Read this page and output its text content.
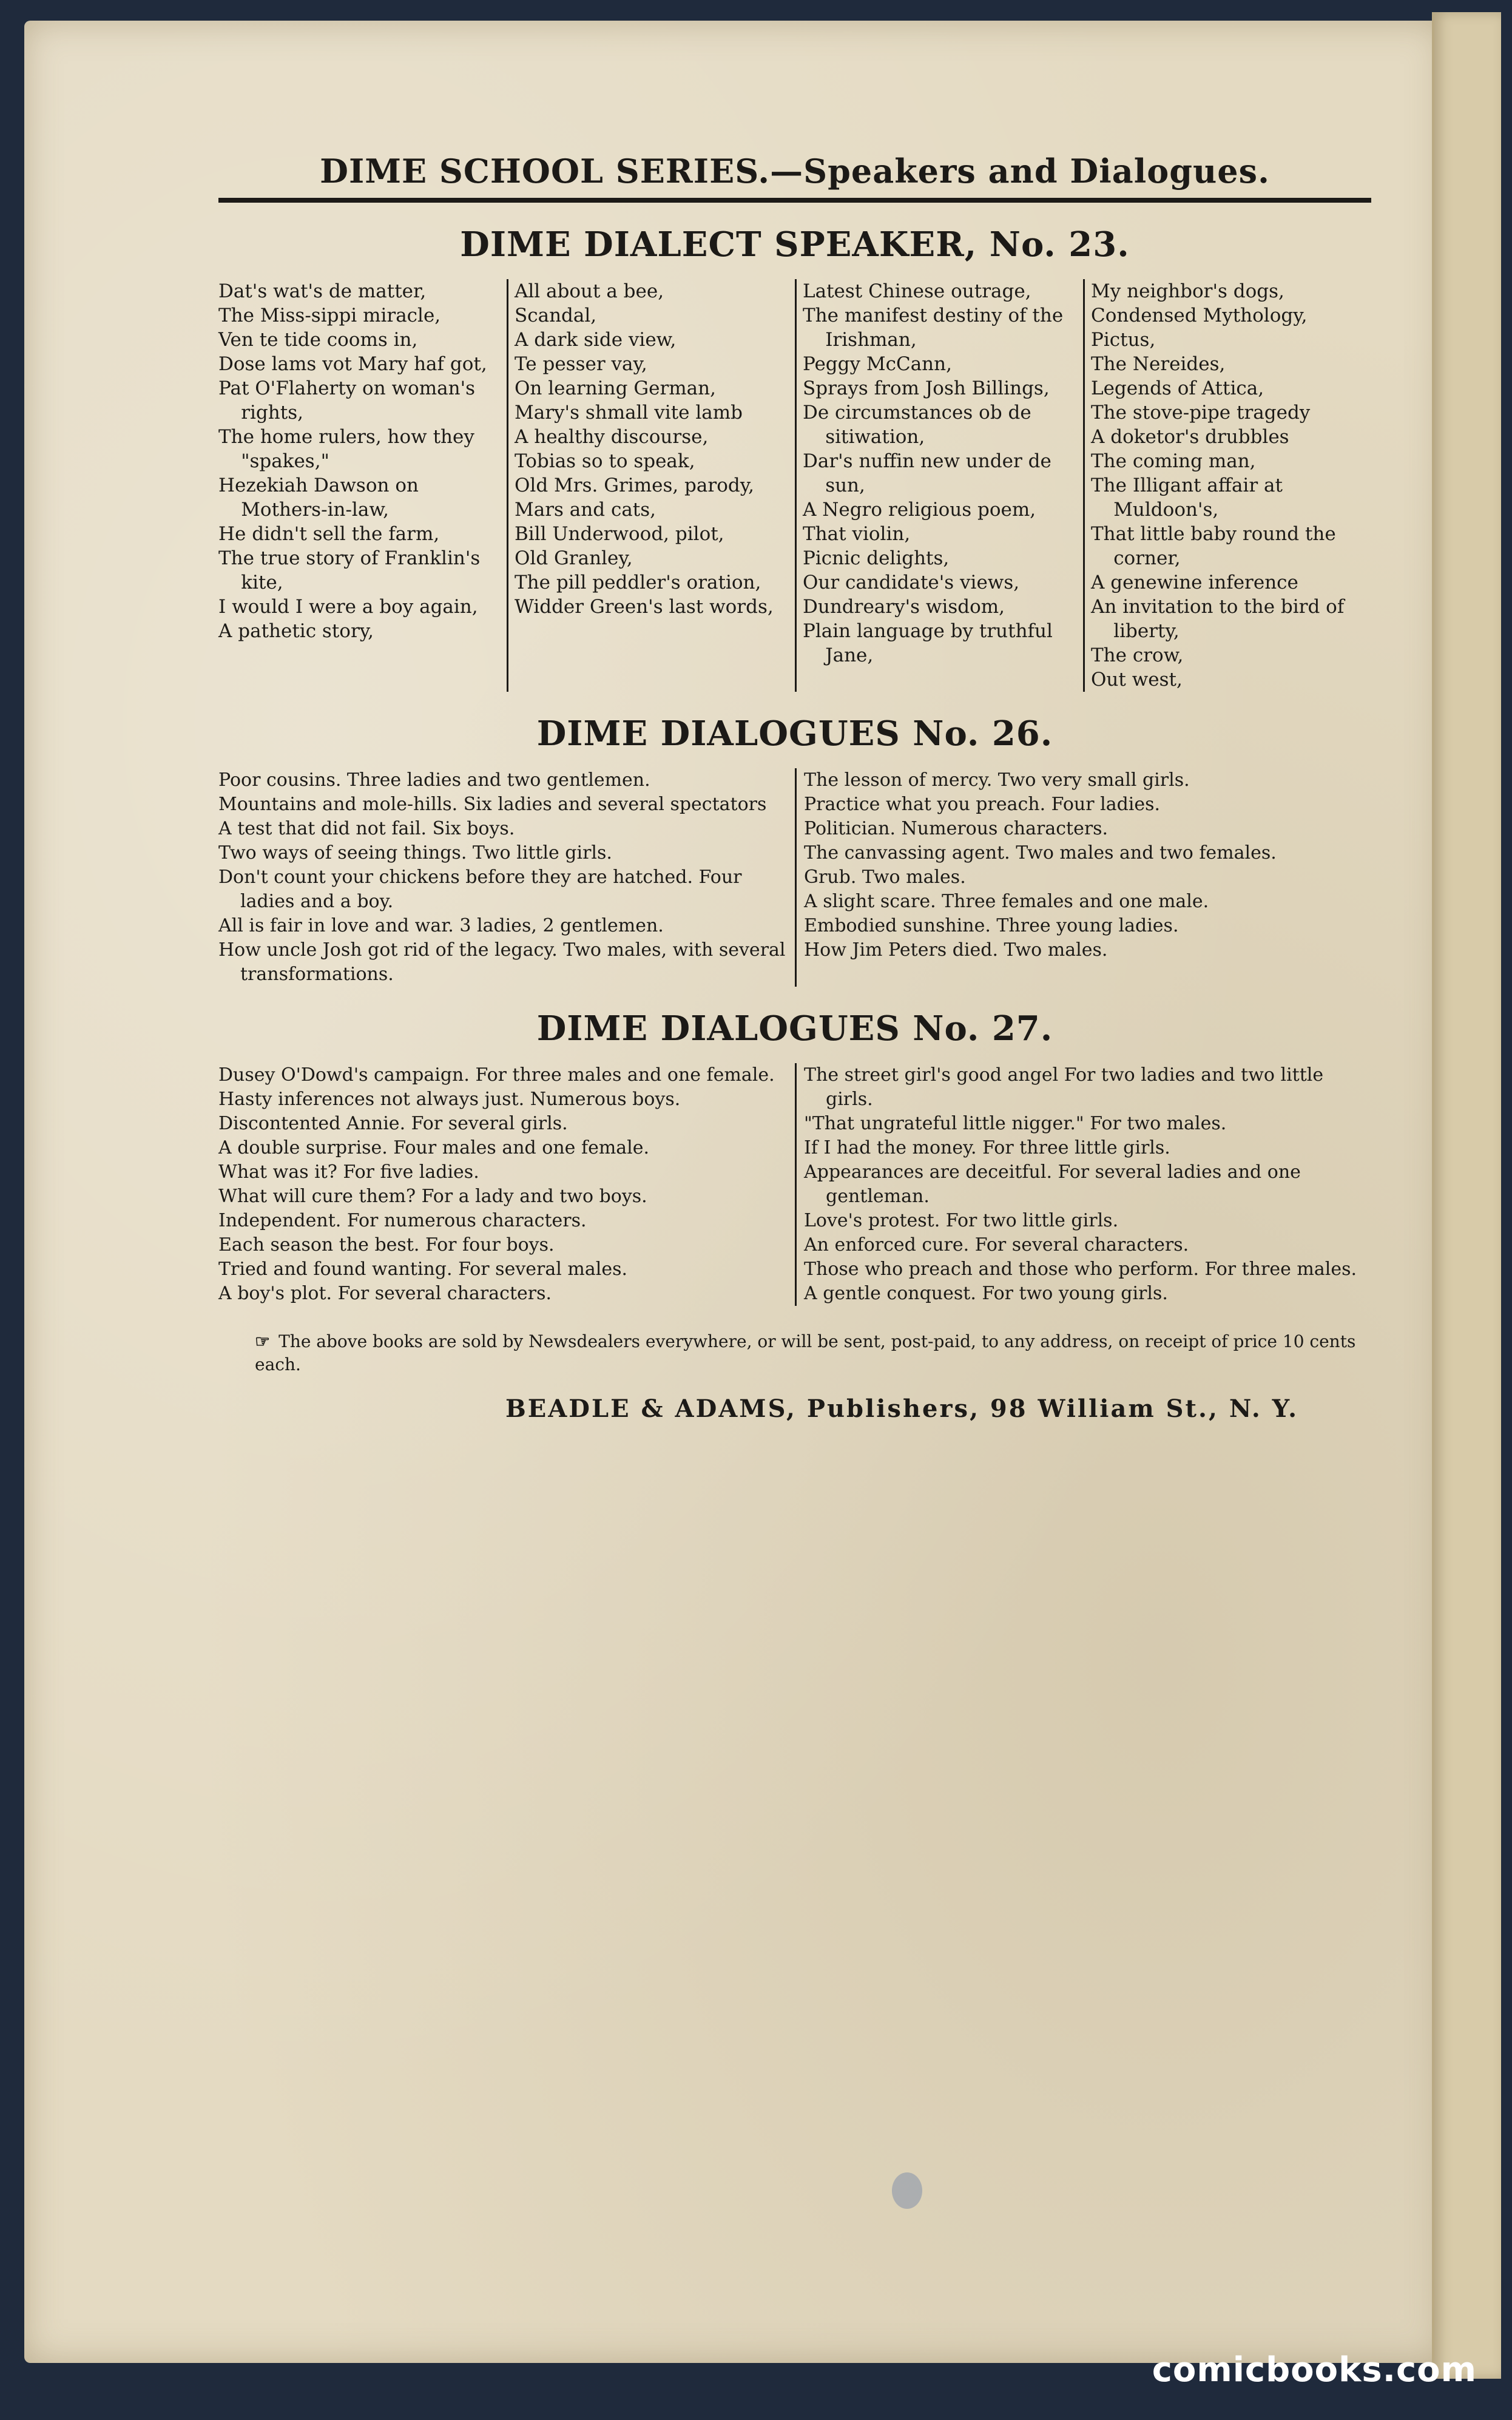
DIME SCHOOL SERIES.—Speakers and Dialogues.
DIME DIALECT SPEAKER, No. 23.
Dat's wat's de matter,
The Miss-sippi miracle,
Ven te tide cooms in,
Dose lams vot Mary haf got,
Pat O'Flaherty on woman's rights,
The home rulers, how they "spakes,"
Hezekiah Dawson on Mothers-in-law,
He didn't sell the farm,
The true story of Franklin's kite,
I would I were a boy again,
A pathetic story,
All about a bee,
Scandal,
A dark side view,
Te pesser vay,
On learning German,
Mary's shmall vite lamb
A healthy discourse,
Tobias so to speak,
Old Mrs. Grimes, parody,
Mars and cats,
Bill Underwood, pilot,
Old Granley,
The pill peddler's oration,
Widder Green's last words,
Latest Chinese outrage,
The manifest destiny of the Irishman,
Peggy McCann,
Sprays from Josh Billings,
De circumstances ob de sitiwation,
Dar's nuffin new under de sun,
A Negro religious poem,
That violin,
Picnic delights,
Our candidate's views,
Dundreary's wisdom,
Plain language by truthful Jane,
My neighbor's dogs,
Condensed Mythology,
Pictus,
The Nereides,
Legends of Attica,
The stove-pipe tragedy
A doketor's drubbles
The coming man,
The Illigant affair at Muldoon's,
That little baby round the corner,
A genewine inference
An invitation to the bird of liberty,
The crow,
Out west,
DIME DIALOGUES No. 26.
Poor cousins. Three ladies and two gentlemen.
Mountains and mole-hills. Six ladies and several spectators
A test that did not fail. Six boys.
Two ways of seeing things. Two little girls.
Don't count your chickens before they are hatched. Four ladies and a boy.
All is fair in love and war. 3 ladies, 2 gentlemen.
How uncle Josh got rid of the legacy. Two males, with several transformations.
The lesson of mercy. Two very small girls.
Practice what you preach. Four ladies.
Politician. Numerous characters.
The canvassing agent. Two males and two females.
Grub. Two males.
A slight scare. Three females and one male.
Embodied sunshine. Three young ladies.
How Jim Peters died. Two males.
DIME DIALOGUES No. 27.
Dusey O'Dowd's campaign. For three males and one female.
Hasty inferences not always just. Numerous boys.
Discontented Annie. For several girls.
A double surprise. Four males and one female.
What was it? For five ladies.
What will cure them? For a lady and two boys.
Independent. For numerous characters.
Each season the best. For four boys.
Tried and found wanting. For several males.
A boy's plot. For several characters.
The street girl's good angel For two ladies and two little girls.
"That ungrateful little nigger." For two males.
If I had the money. For three little girls.
Appearances are deceitful. For several ladies and one gentleman.
Love's protest. For two little girls.
An enforced cure. For several characters.
Those who preach and those who perform. For three males.
A gentle conquest. For two young girls.
☞ The above books are sold by Newsdealers everywhere, or will be sent, post-paid, to any address, on receipt of price 10 cents each.
BEADLE & ADAMS, Publishers, 98 William St., N. Y.
comicbooks.com
